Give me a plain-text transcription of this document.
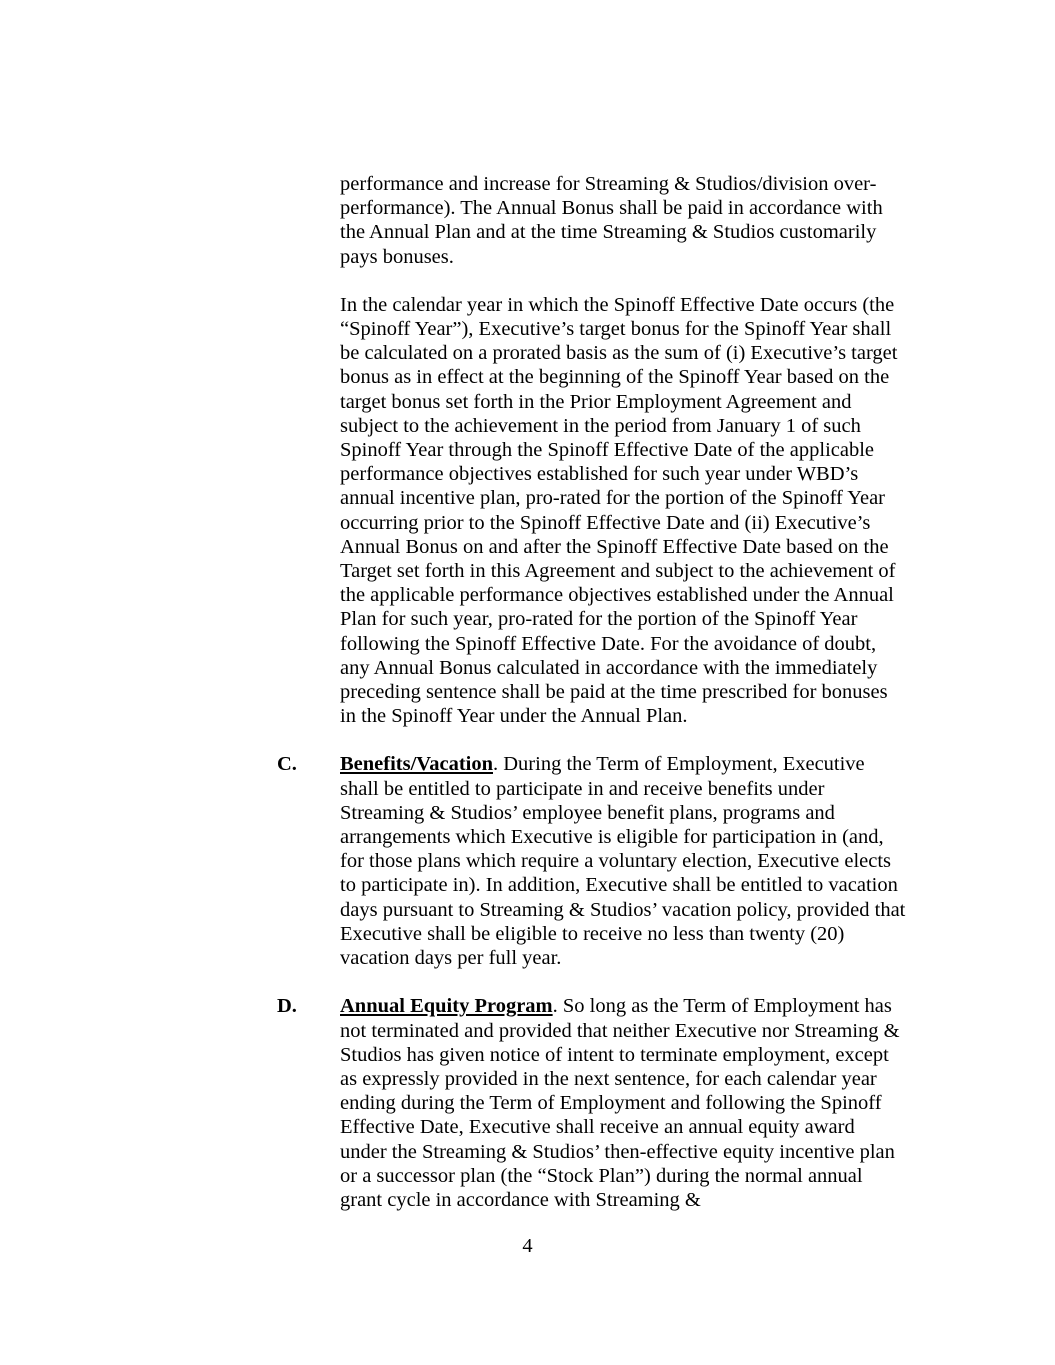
performance and increase for Streaming & Studios/division over-performance). The Annual Bonus shall be paid in accordance with the Annual Plan and at the time Streaming & Studios customarily pays bonuses.

In the calendar year in which the Spinoff Effective Date occurs (the “Spinoff Year”), Executive’s target bonus for the Spinoff Year shall be calculated on a prorated basis as the sum of (i) Executive’s target bonus as in effect at the beginning of the Spinoff Year based on the target bonus set forth in the Prior Employment Agreement and subject to the achievement in the period from January 1 of such Spinoff Year through the Spinoff Effective Date of the applicable performance objectives established for such year under WBD’s annual incentive plan, pro-rated for the portion of the Spinoff Year occurring prior to the Spinoff Effective Date and (ii) Executive’s Annual Bonus on and after the Spinoff Effective Date based on the Target set forth in this Agreement and subject to the achievement of the applicable performance objectives established under the Annual Plan for such year, pro-rated for the portion of the Spinoff Year following the Spinoff Effective Date. For the avoidance of doubt, any Annual Bonus calculated in accordance with the immediately preceding sentence shall be paid at the time prescribed for bonuses in the Spinoff Year under the Annual Plan.

C.	Benefits/Vacation. During the Term of Employment, Executive shall be entitled to participate in and receive benefits under Streaming & Studios’ employee benefit plans, programs and arrangements which Executive is eligible for participation in (and, for those plans which require a voluntary election, Executive elects to participate in). In addition, Executive shall be entitled to vacation days pursuant to Streaming & Studios’ vacation policy, provided that Executive shall be eligible to receive no less than twenty (20) vacation days per full year.

D.	Annual Equity Program. So long as the Term of Employment has not terminated and provided that neither Executive nor Streaming & Studios has given notice of intent to terminate employment, except as expressly provided in the next sentence, for each calendar year ending during the Term of Employment and following the Spinoff Effective Date, Executive shall receive an annual equity award under the Streaming & Studios’ then-effective equity incentive plan or a successor plan (the “Stock Plan”) during the normal annual grant cycle in accordance with Streaming &

4
